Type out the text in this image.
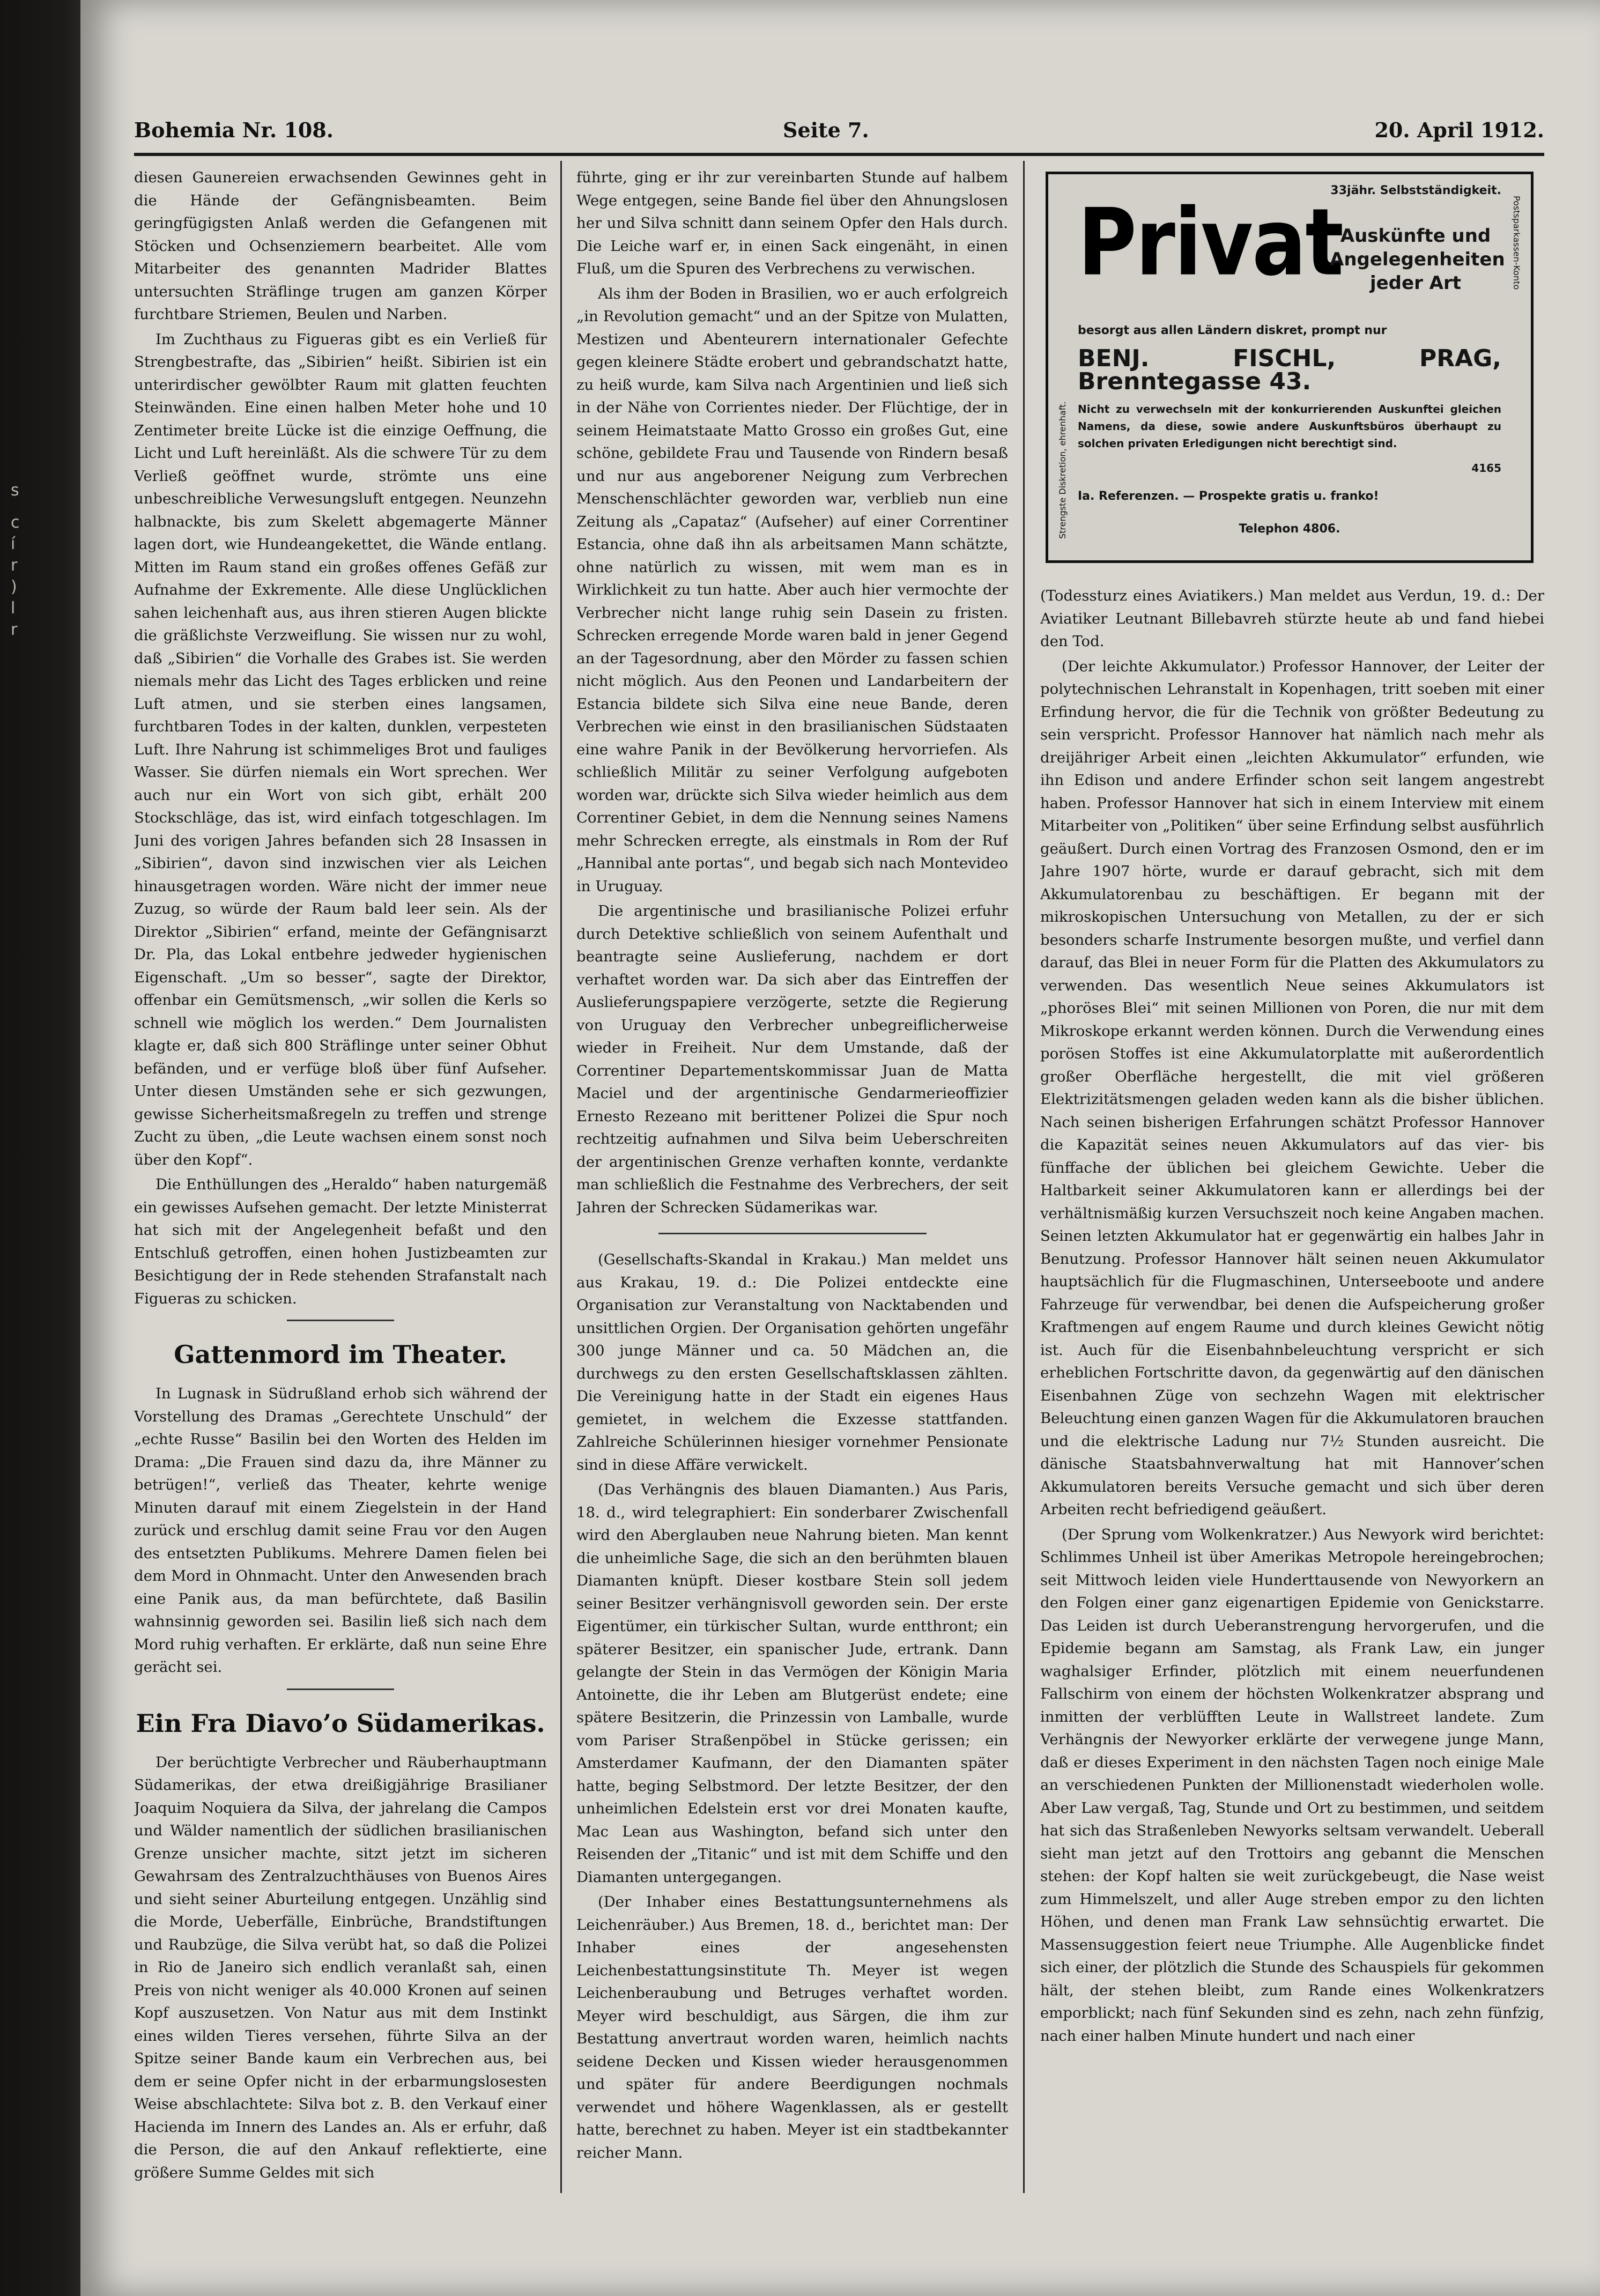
s
c
í
r
)
l
r
Bohemia Nr. 108.	Seite 7.	20. April 1912.

diesen Gaunereien erwachsenden Gewinnes geht in die Hände der Gefängnisbeamten. Beim geringfügigsten Anlaß werden die Gefangenen mit Stöcken und Ochsenziemern bearbeitet. Alle vom Mitarbeiter des genannten Madrider Blattes untersuchten Sträflinge trugen am ganzen Körper furchtbare Striemen, Beulen und Narben.

Im Zuchthaus zu Figueras gibt es ein Verließ für Strengbestrafte, das „Sibirien“ heißt. Sibirien ist ein unterirdischer gewölbter Raum mit glatten feuchten Steinwänden. Eine einen halben Meter hohe und 10 Zentimeter breite Lücke ist die einzige Oeffnung, die Licht und Luft hereinläßt. Als die schwere Tür zu dem Verließ geöffnet wurde, strömte uns eine unbeschreibliche Verwesungsluft entgegen. Neunzehn halbnackte, bis zum Skelett abgemagerte Männer lagen dort, wie Hundeangekettet, die Wände entlang. Mitten im Raum stand ein großes offenes Gefäß zur Aufnahme der Exkremente. Alle diese Unglücklichen sahen leichenhaft aus, aus ihren stieren Augen blickte die gräßlichste Verzweiflung. Sie wissen nur zu wohl, daß „Sibirien“ die Vorhalle des Grabes ist. Sie werden niemals mehr das Licht des Tages erblicken und reine Luft atmen, und sie sterben eines langsamen, furchtbaren Todes in der kalten, dunklen, verpesteten Luft. Ihre Nahrung ist schimmeliges Brot und fauliges Wasser. Sie dürfen niemals ein Wort sprechen. Wer auch nur ein Wort von sich gibt, erhält 200 Stockschläge, das ist, wird einfach totgeschlagen. Im Juni des vorigen Jahres befanden sich 28 Insassen in „Sibirien“, davon sind inzwischen vier als Leichen hinausgetragen worden. Wäre nicht der immer neue Zuzug, so würde der Raum bald leer sein. Als der Direktor „Sibirien“ erfand, meinte der Gefängnisarzt Dr. Pla, das Lokal entbehre jedweder hygienischen Eigenschaft. „Um so besser“, sagte der Direktor, offenbar ein Gemütsmensch, „wir sollen die Kerls so schnell wie möglich los werden.“ Dem Journalisten klagte er, daß sich 800 Sträflinge unter seiner Obhut befänden, und er verfüge bloß über fünf Aufseher. Unter diesen Umständen sehe er sich gezwungen, gewisse Sicherheitsmaßregeln zu treffen und strenge Zucht zu üben, „die Leute wachsen einem sonst noch über den Kopf“.

Die Enthüllungen des „Heraldo“ haben naturgemäß ein gewisses Aufsehen gemacht. Der letzte Ministerrat hat sich mit der Angelegenheit befaßt und den Entschluß getroffen, einen hohen Justizbeamten zur Besichtigung der in Rede stehenden Strafanstalt nach Figueras zu schicken.

Gattenmord im Theater.

In Lugnask in Südrußland erhob sich während der Vorstellung des Dramas „Gerechtete Unschuld“ der „echte Russe“ Basilin bei den Worten des Helden im Drama: „Die Frauen sind dazu da, ihre Männer zu betrügen!“, verließ das Theater, kehrte wenige Minuten darauf mit einem Ziegelstein in der Hand zurück und erschlug damit seine Frau vor den Augen des entsetzten Publikums. Mehrere Damen fielen bei dem Mord in Ohnmacht. Unter den Anwesenden brach eine Panik aus, da man befürchtete, daß Basilin wahnsinnig geworden sei. Basilin ließ sich nach dem Mord ruhig verhaften. Er erklärte, daß nun seine Ehre gerächt sei.

Ein Fra Diavo’o Südamerikas.

Der berüchtigte Verbrecher und Räuberhauptmann Südamerikas, der etwa dreißigjährige Brasilianer Joaquim Noquiera da Silva, der jahrelang die Campos und Wälder namentlich der südlichen brasilianischen Grenze unsicher machte, sitzt jetzt im sicheren Gewahrsam des Zentralzuchthäuses von Buenos Aires und sieht seiner Aburteilung entgegen. Unzählig sind die Morde, Ueberfälle, Einbrüche, Brandstiftungen und Raubzüge, die Silva verübt hat, so daß die Polizei in Rio de Janeiro sich endlich veranlaßt sah, einen Preis von nicht weniger als 40.000 Kronen auf seinen Kopf auszusetzen. Von Natur aus mit dem Instinkt eines wilden Tieres versehen, führte Silva an der Spitze seiner Bande kaum ein Verbrechen aus, bei dem er seine Opfer nicht in der erbarmungslosesten Weise abschlachtete: Silva bot z. B. den Verkauf einer Hacienda im Innern des Landes an. Als er erfuhr, daß die Person, die auf den Ankauf reflektierte, eine größere Summe Geldes mit sich

führte, ging er ihr zur vereinbarten Stunde auf halbem Wege entgegen, seine Bande fiel über den Ahnungslosen her und Silva schnitt dann seinem Opfer den Hals durch. Die Leiche warf er, in einen Sack eingenäht, in einen Fluß, um die Spuren des Verbrechens zu verwischen.

Als ihm der Boden in Brasilien, wo er auch erfolgreich „in Revolution gemacht“ und an der Spitze von Mulatten, Mestizen und Abenteurern internationaler Gefechte gegen kleinere Städte erobert und gebrandschatzt hatte, zu heiß wurde, kam Silva nach Argentinien und ließ sich in der Nähe von Corrientes nieder. Der Flüchtige, der in seinem Heimatstaate Matto Grosso ein großes Gut, eine schöne, gebildete Frau und Tausende von Rindern besaß und nur aus angeborener Neigung zum Verbrechen Menschenschlächter geworden war, verblieb nun eine Zeitung als „Capataz“ (Aufseher) auf einer Correntiner Estancia, ohne daß ihn als arbeitsamen Mann schätzte, ohne natürlich zu wissen, mit wem man es in Wirklichkeit zu tun hatte. Aber auch hier vermochte der Verbrecher nicht lange ruhig sein Dasein zu fristen. Schrecken erregende Morde waren bald in jener Gegend an der Tagesordnung, aber den Mörder zu fassen schien nicht möglich. Aus den Peonen und Landarbeitern der Estancia bildete sich Silva eine neue Bande, deren Verbrechen wie einst in den brasilianischen Südstaaten eine wahre Panik in der Bevölkerung hervorriefen. Als schließlich Militär zu seiner Verfolgung aufgeboten worden war, drückte sich Silva wieder heimlich aus dem Correntiner Gebiet, in dem die Nennung seines Namens mehr Schrecken erregte, als einstmals in Rom der Ruf „Hannibal ante portas“, und begab sich nach Montevideo in Uruguay.

Die argentinische und brasilianische Polizei erfuhr durch Detektive schließlich von seinem Aufenthalt und beantragte seine Auslieferung, nachdem er dort verhaftet worden war. Da sich aber das Eintreffen der Auslieferungspapiere verzögerte, setzte die Regierung von Uruguay den Verbrecher unbegreiflicherweise wieder in Freiheit. Nur dem Umstande, daß der Correntiner Departementskommissar Juan de Matta Maciel und der argentinische Gendarmerieoffizier Ernesto Rezeano mit berittener Polizei die Spur noch rechtzeitig aufnahmen und Silva beim Ueberschreiten der argentinischen Grenze verhaften konnte, verdankte man schließlich die Festnahme des Verbrechers, der seit Jahren der Schrecken Südamerikas war.

(Gesellschafts-Skandal in Krakau.) Man meldet uns aus Krakau, 19. d.: Die Polizei entdeckte eine Organisation zur Veranstaltung von Nacktabenden und unsittlichen Orgien. Der Organisation gehörten ungefähr 300 junge Männer und ca. 50 Mädchen an, die durchwegs zu den ersten Gesellschaftsklassen zählten. Die Vereinigung hatte in der Stadt ein eigenes Haus gemietet, in welchem die Exzesse stattfanden. Zahlreiche Schülerinnen hiesiger vornehmer Pensionate sind in diese Affäre verwickelt.

(Das Verhängnis des blauen Diamanten.) Aus Paris, 18. d., wird telegraphiert: Ein sonderbarer Zwischenfall wird den Aberglauben neue Nahrung bieten. Man kennt die unheimliche Sage, die sich an den berühmten blauen Diamanten knüpft. Dieser kostbare Stein soll jedem seiner Besitzer verhängnisvoll geworden sein. Der erste Eigentümer, ein türkischer Sultan, wurde entthront; ein späterer Besitzer, ein spanischer Jude, ertrank. Dann gelangte der Stein in das Vermögen der Königin Maria Antoinette, die ihr Leben am Blutgerüst endete; eine spätere Besitzerin, die Prinzessin von Lamballe, wurde vom Pariser Straßenpöbel in Stücke gerissen; ein Amsterdamer Kaufmann, der den Diamanten später hatte, beging Selbstmord. Der letzte Besitzer, der den unheimlichen Edelstein erst vor drei Monaten kaufte, Mac Lean aus Washington, befand sich unter den Reisenden der „Titanic“ und ist mit dem Schiffe und den Diamanten untergegangen.

(Der Inhaber eines Bestattungsunternehmens als Leichenräuber.) Aus Bremen, 18. d., berichtet man: Der Inhaber eines der angesehensten Leichenbestattungsinstitute Th. Meyer ist wegen Leichenberaubung und Betruges verhaftet worden. Meyer wird beschuldigt, aus Särgen, die ihm zur Bestattung anvertraut worden waren, heimlich nachts seidene Decken und Kissen wieder herausgenommen und später für andere Beerdigungen nochmals verwendet und höhere Wagenklassen, als er gestellt hatte, berechnet zu haben. Meyer ist ein stadtbekannter reicher Mann.

Strengste Diskretion, ehrenhaft.
Postsparkassen-Konto
33jähr. Selbstständigkeit.
Privat
Auskünfte und
Angelegenheiten
jeder Art
besorgt aus allen Ländern diskret, prompt nur
BENJ. FISCHL, PRAG, Brenntegasse 43.
Nicht zu verwechseln mit der konkurrierenden Auskunftei gleichen Namens, da diese, sowie andere Auskunftsbüros überhaupt zu solchen privaten Erledigungen nicht berechtigt sind.
4165
Ia. Referenzen. — Prospekte gratis u. franko!
Telephon 4806.

(Todessturz eines Aviatikers.) Man meldet aus Verdun, 19. d.: Der Aviatiker Leutnant Billebavreh stürzte heute ab und fand hiebei den Tod.

(Der leichte Akkumulator.) Professor Hannover, der Leiter der polytechnischen Lehranstalt in Kopenhagen, tritt soeben mit einer Erfindung hervor, die für die Technik von größter Bedeutung zu sein verspricht. Professor Hannover hat nämlich nach mehr als dreijähriger Arbeit einen „leichten Akkumulator“ erfunden, wie ihn Edison und andere Erfinder schon seit langem angestrebt haben. Professor Hannover hat sich in einem Interview mit einem Mitarbeiter von „Politiken“ über seine Erfindung selbst ausführlich geäußert. Durch einen Vortrag des Franzosen Osmond, den er im Jahre 1907 hörte, wurde er darauf gebracht, sich mit dem Akkumulatorenbau zu beschäftigen. Er begann mit der mikroskopischen Untersuchung von Metallen, zu der er sich besonders scharfe Instrumente besorgen mußte, und verfiel dann darauf, das Blei in neuer Form für die Platten des Akkumulators zu verwenden. Das wesentlich Neue seines Akkumulators ist „phoröses Blei“ mit seinen Millionen von Poren, die nur mit dem Mikroskope erkannt werden können. Durch die Verwendung eines porösen Stoffes ist eine Akkumulatorplatte mit außerordentlich großer Oberfläche hergestellt, die mit viel größeren Elektrizitätsmengen geladen weden kann als die bisher üblichen. Nach seinen bisherigen Erfahrungen schätzt Professor Hannover die Kapazität seines neuen Akkumulators auf das vier- bis fünffache der üblichen bei gleichem Gewichte. Ueber die Haltbarkeit seiner Akkumulatoren kann er allerdings bei der verhältnismäßig kurzen Versuchszeit noch keine Angaben machen. Seinen letzten Akkumulator hat er gegenwärtig ein halbes Jahr in Benutzung. Professor Hannover hält seinen neuen Akkumulator hauptsächlich für die Flugmaschinen, Unterseeboote und andere Fahrzeuge für verwendbar, bei denen die Aufspeicherung großer Kraftmengen auf engem Raume und durch kleines Gewicht nötig ist. Auch für die Eisenbahnbeleuchtung verspricht er sich erheblichen Fortschritte davon, da gegenwärtig auf den dänischen Eisenbahnen Züge von sechzehn Wagen mit elektrischer Beleuchtung einen ganzen Wagen für die Akkumulatoren brauchen und die elektrische Ladung nur 7½ Stunden ausreicht. Die dänische Staatsbahnverwaltung hat mit Hannover’schen Akkumulatoren bereits Versuche gemacht und sich über deren Arbeiten recht befriedigend geäußert.

(Der Sprung vom Wolkenkratzer.) Aus Newyork wird berichtet: Schlimmes Unheil ist über Amerikas Metropole hereingebrochen; seit Mittwoch leiden viele Hunderttausende von Newyorkern an den Folgen einer ganz eigenartigen Epidemie von Genickstarre. Das Leiden ist durch Ueberanstrengung hervorgerufen, und die Epidemie begann am Samstag, als Frank Law, ein junger waghalsiger Erfinder, plötzlich mit einem neuerfundenen Fallschirm von einem der höchsten Wolkenkratzer absprang und inmitten der verblüfften Leute in Wallstreet landete. Zum Verhängnis der Newyorker erklärte der verwegene junge Mann, daß er dieses Experiment in den nächsten Tagen noch einige Male an verschiedenen Punkten der Millionenstadt wiederholen wolle. Aber Law vergaß, Tag, Stunde und Ort zu bestimmen, und seitdem hat sich das Straßenleben Newyorks seltsam verwandelt. Ueberall sieht man jetzt auf den Trottoirs ang gebannt die Menschen stehen: der Kopf halten sie weit zurückgebeugt, die Nase weist zum Himmelszelt, und aller Auge streben empor zu den lichten Höhen, und denen man Frank Law sehnsüchtig erwartet. Die Massensuggestion feiert neue Triumphe. Alle Augenblicke findet sich einer, der plötzlich die Stunde des Schauspiels für gekommen hält, der stehen bleibt, zum Rande eines Wolkenkratzers emporblickt; nach fünf Sekunden sind es zehn, nach zehn fünfzig, nach einer halben Minute hundert und nach einer
